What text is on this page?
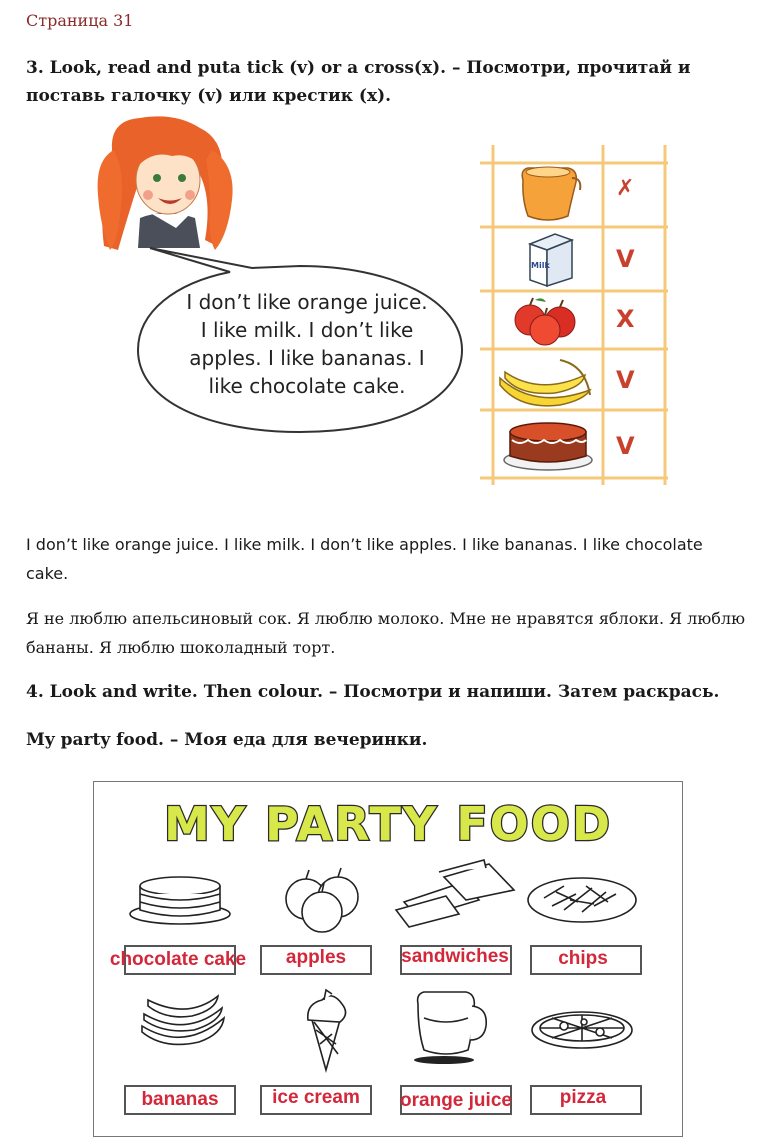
Страница 31
3. Look, read and puta tick (v) or a cross(x). – Посмотри, прочитай и
поставь галочку (v) или крестик (x).
Milk
I don’t like orange juice.
I like milk. I don’t like
apples. I like bananas. I
like chocolate cake.
✗
V
X
V
V
I don’t like orange juice. I like milk. I don’t like apples. I like bananas. I like chocolate
cake.
Я не люблю апельсиновый сок. Я люблю молоко. Мне не нравятся яблоки. Я люблю
бананы. Я люблю шоколадный торт.
4. Look and write. Then colour. – Посмотри и напиши. Затем раскрась.
My party food. – Моя еда для вечеринки.
MY PARTY FOOD
chocolate cake	apples	sandwiches	chips
bananas	ice cream	orange juice	pizza
